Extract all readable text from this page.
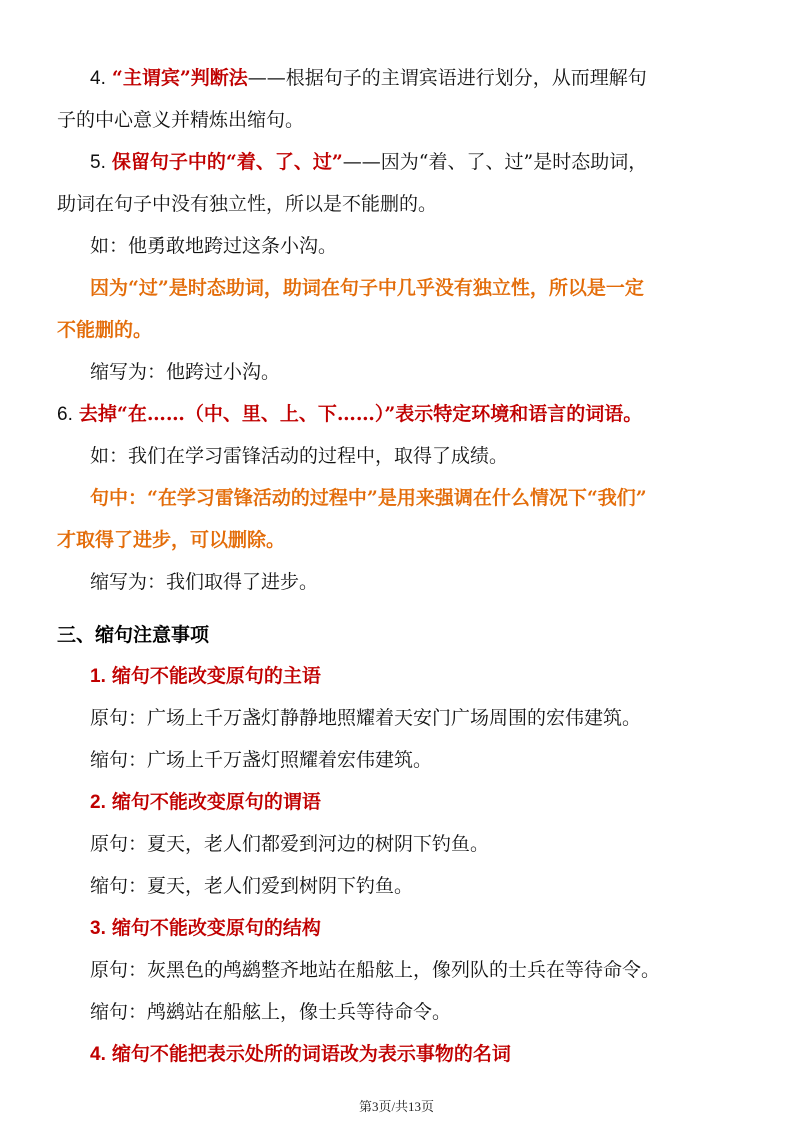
4. “主谓宾”判断法——根据句子的主谓宾语进行划分，从而理解句
子的中心意义并精炼出缩句。
5. 保留句子中的“着、了、过”——因为“着、了、过”是时态助词，
助词在句子中没有独立性，所以是不能删的。
如：他勇敢地跨过这条小沟。
因为“过”是时态助词，助词在句子中几乎没有独立性，所以是一定
不能删的。
缩写为：他跨过小沟。
6. 去掉“在……（中、里、上、下……）”表示特定环境和语言的词语。
如：我们在学习雷锋活动的过程中，取得了成绩。
句中：“在学习雷锋活动的过程中”是用来强调在什么情况下“我们”
才取得了进步，可以删除。
缩写为：我们取得了进步。
三、缩句注意事项
1. 缩句不能改变原句的主语
原句：广场上千万盏灯静静地照耀着天安门广场周围的宏伟建筑。
缩句：广场上千万盏灯照耀着宏伟建筑。
2. 缩句不能改变原句的谓语
原句：夏天，老人们都爱到河边的树阴下钓鱼。
缩句：夏天，老人们爱到树阴下钓鱼。
3. 缩句不能改变原句的结构
原句：灰黑色的鸬鹚整齐地站在船舷上，像列队的士兵在等待命令。
缩句：鸬鹚站在船舷上，像士兵等待命令。
4. 缩句不能把表示处所的词语改为表示事物的名词
第3页/共13页
